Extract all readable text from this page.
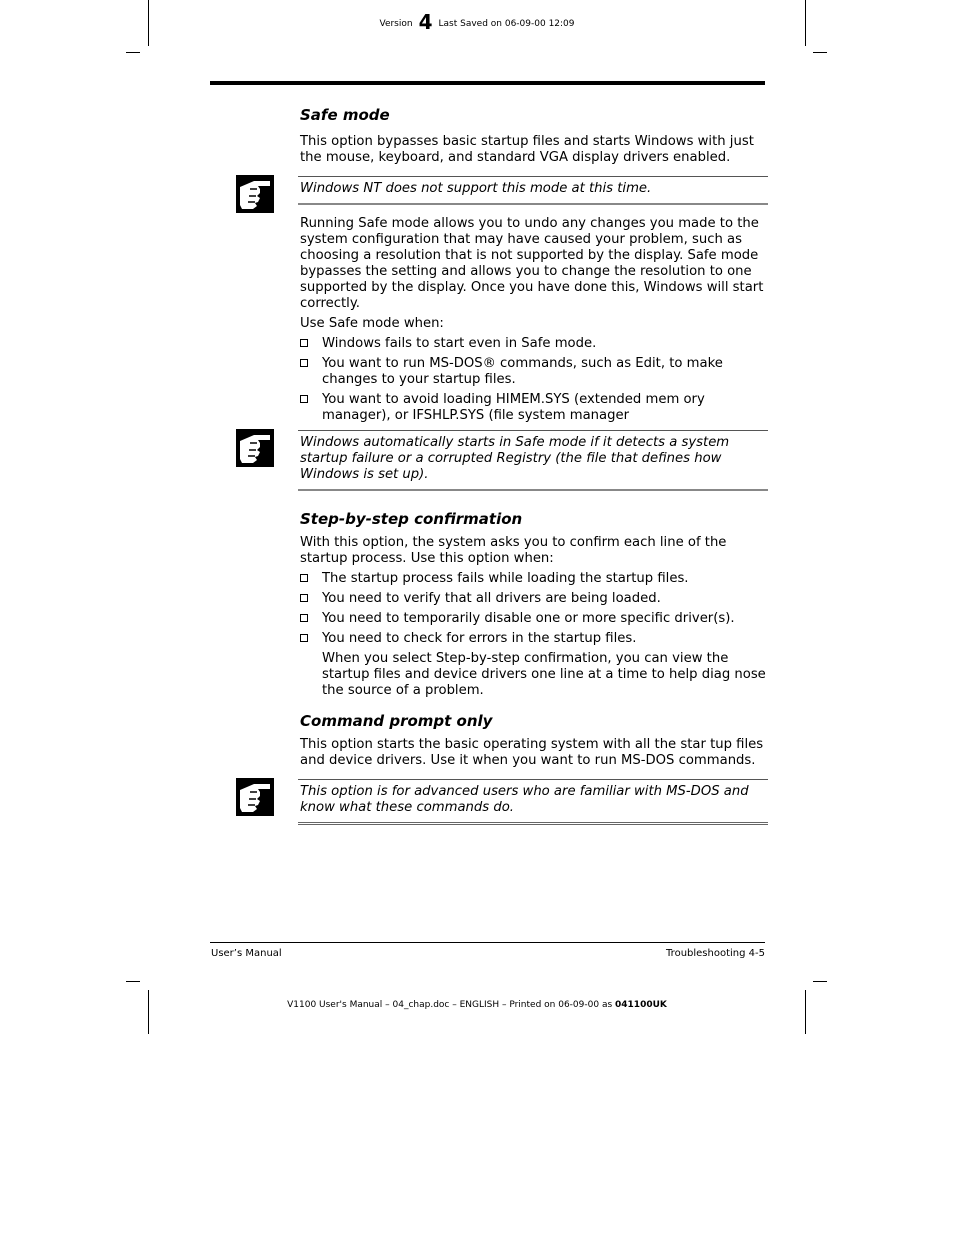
Version 4 Last Saved on 06-09-00 12:09
Safe mode

This option bypasses basic startup files and starts Windows with just the mouse, keyboard, and standard VGA display drivers enabled.

Windows NT does not support this mode at this time.

Running Safe mode allows you to undo any changes you made to the system configuration that may have caused your problem, such as choosing a resolution that is not supported by the display. Safe mode bypasses the setting and allows you to change the resolution to one supported by the display. Once you have done this, Windows will start correctly.

Use Safe mode when:

Windows fails to start even in Safe mode.
You want to run MS-DOS® commands, such as Edit, to make changes to your startup files.
You want to avoid loading HIMEM.SYS (extended mem ory manager), or IFSHLP.SYS (file system manager

Windows automatically starts in Safe mode if it detects a system startup failure or a corrupted Registry (the file that defines how Windows is set up).

Step-by-step confirmation

With this option, the system asks you to confirm each line of the startup process. Use this option when:

The startup process fails while loading the startup files.
You need to verify that all drivers are being loaded.
You need to temporarily disable one or more specific driver(s).
You need to check for errors in the startup files.

When you select Step-by-step confirmation, you can view the startup files and device drivers one line at a time to help diag nose the source of a problem.

Command prompt only

This option starts the basic operating system with all the star tup files and device drivers. Use it when you want to run MS-DOS commands.

This option is for advanced users who are familiar with MS-DOS and know what these commands do.

User’s Manual	Troubleshooting 4-5
V1100 User's Manual – 04_chap.doc – ENGLISH – Printed on 06-09-00 as 041100UK
